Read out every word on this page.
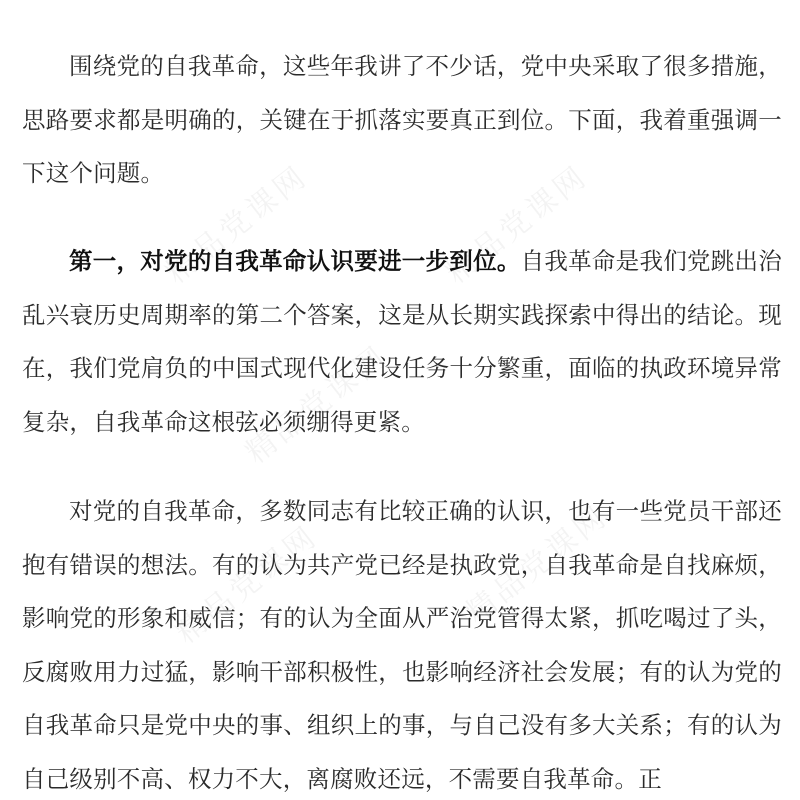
围绕党的自我革命，这些年我讲了不少话，党中央采取了很多措施，思路要求都是明确的，关键在于抓落实要真正到位。下面，我着重强调一下这个问题。

第一，对党的自我革命认识要进一步到位。自我革命是我们党跳出治乱兴衰历史周期率的第二个答案，这是从长期实践探索中得出的结论。现在，我们党肩负的中国式现代化建设任务十分繁重，面临的执政环境异常复杂，自我革命这根弦必须绷得更紧。

对党的自我革命，多数同志有比较正确的认识，也有一些党员干部还抱有错误的想法。有的认为共产党已经是执政党，自我革命是自找麻烦，影响党的形象和威信；有的认为全面从严治党管得太紧，抓吃喝过了头，反腐败用力过猛，影响干部积极性，也影响经济社会发展；有的认为党的自我革命只是党中央的事、组织上的事，与自己没有多大关系；有的认为自己级别不高、权力不大，离腐败还远，不需要自我革命。正
